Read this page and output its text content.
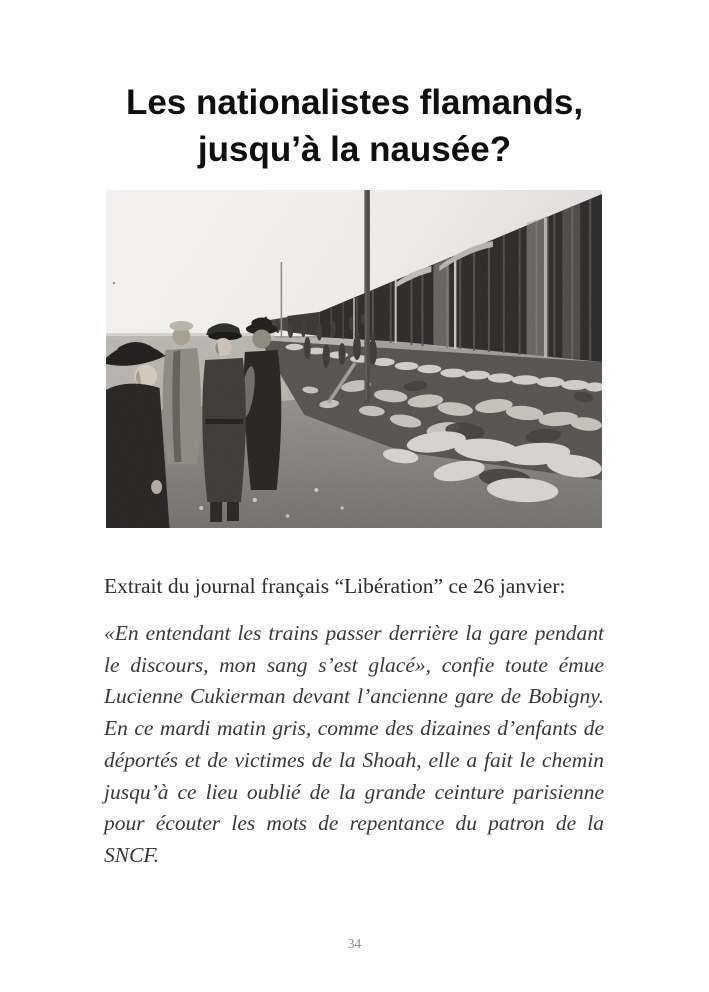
Les nationalistes flamands,
jusqu’à la nausée?

Extrait du journal français “Libération” ce 26 janvier:

«En entendant les trains passer derrière la gare pendant le discours, mon sang s’est glacé», confie toute émue Lucienne Cukierman devant l’ancienne gare de Bobigny. En ce mardi matin gris, comme des dizaines d’enfants de déportés et de victimes de la Shoah, elle a fait le chemin jusqu’à ce lieu oublié de la grande ceinture parisienne pour écouter les mots de repentance du patron de la SNCF.

34
